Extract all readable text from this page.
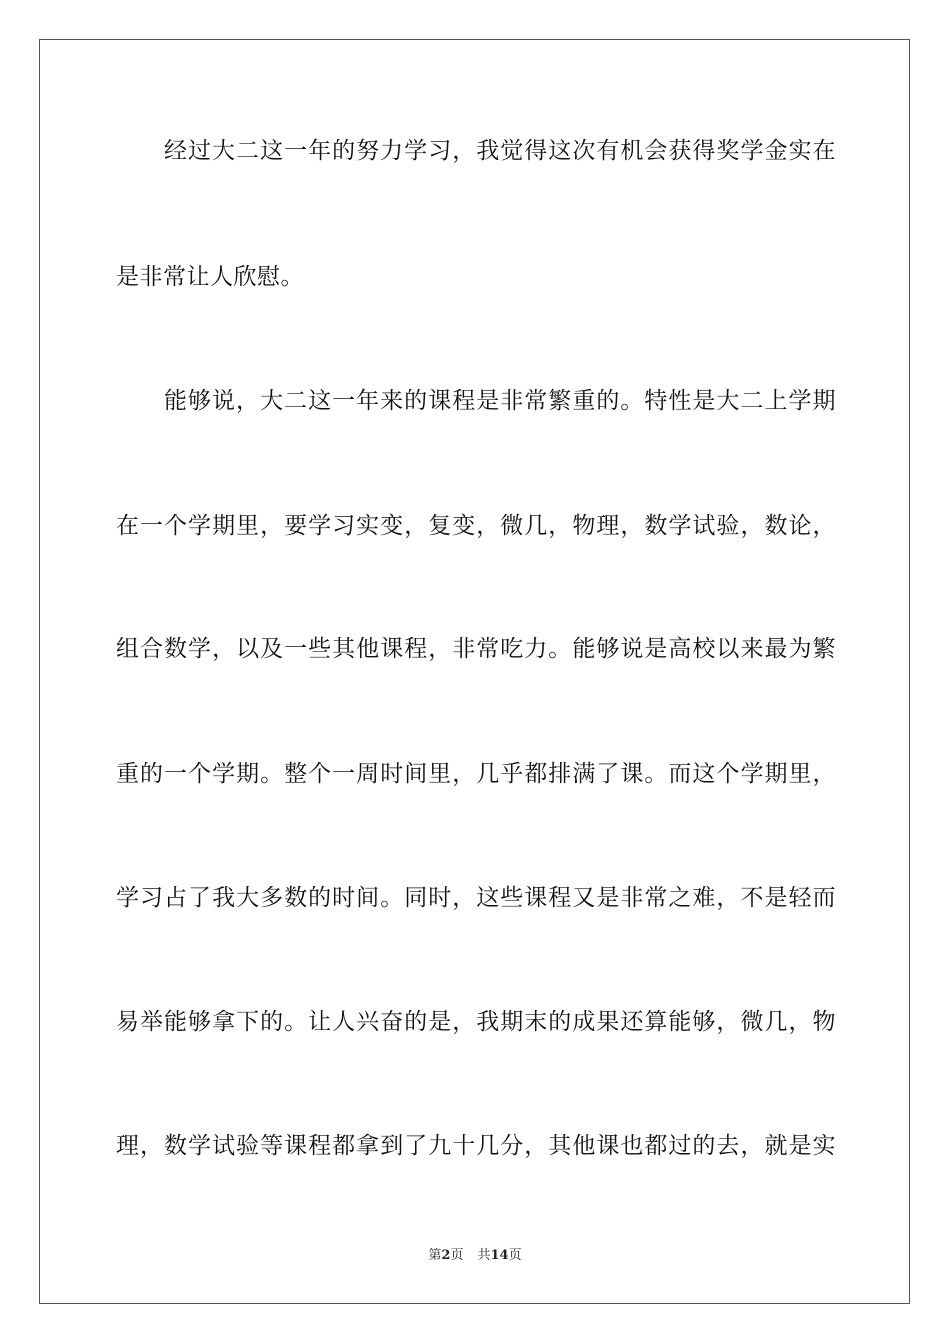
经过大二这一年的努力学习，我觉得这次有机会获得奖学金实在
是非常让人欣慰。
能够说，大二这一年来的课程是非常繁重的。特性是大二上学期
在一个学期里，要学习实变，复变，微几，物理，数学试验，数论，
组合数学，以及一些其他课程，非常吃力。能够说是高校以来最为繁
重的一个学期。整个一周时间里，几乎都排满了课。而这个学期里，
学习占了我大多数的时间。同时，这些课程又是非常之难，不是轻而
易举能够拿下的。让人兴奋的是，我期末的成果还算能够，微几，物
理，数学试验等课程都拿到了九十几分，其他课也都过的去，就是实
第2页 共14页
